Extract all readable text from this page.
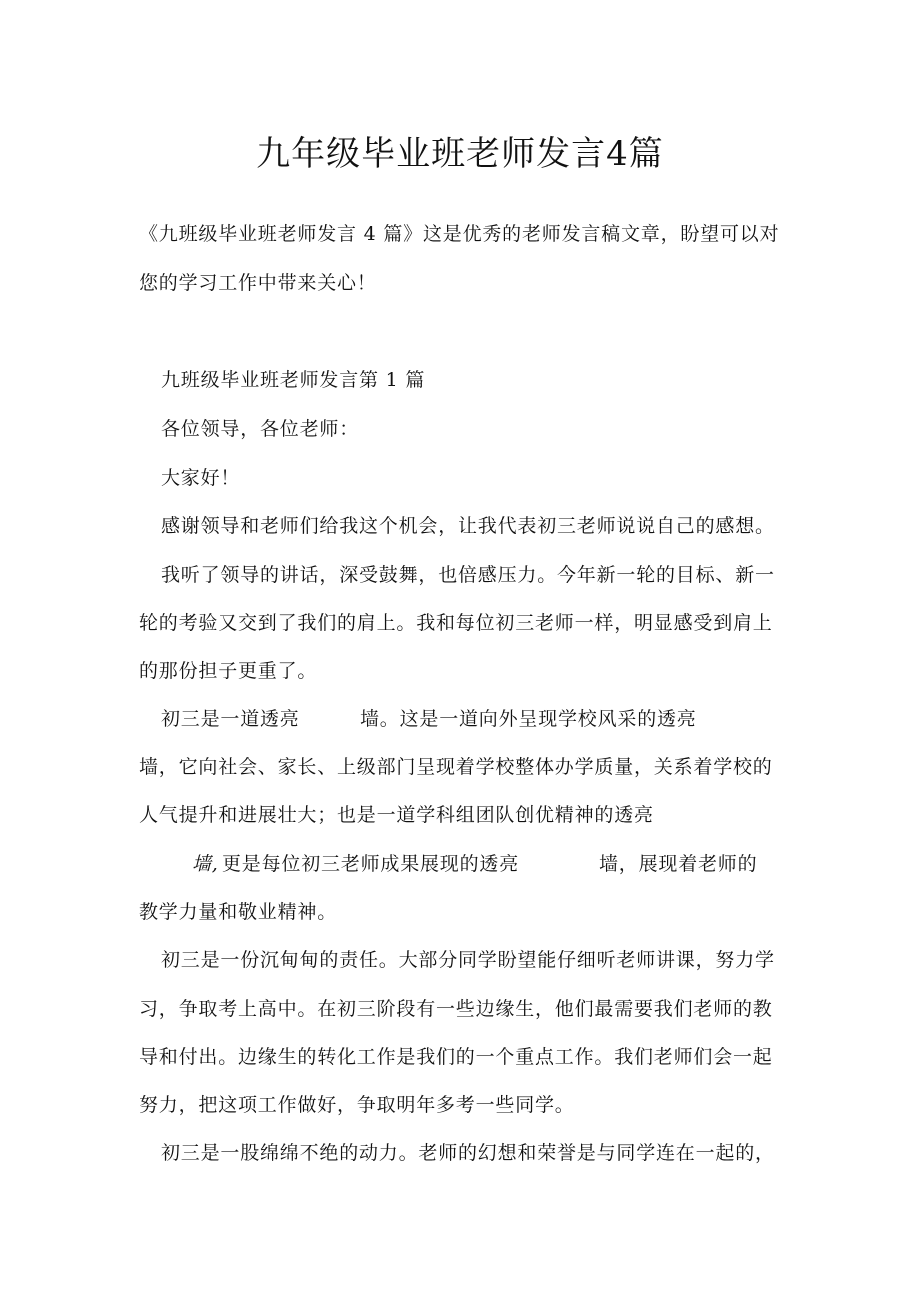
九年级毕业班老师发言4篇
《九班级毕业班老师发言 4 篇》这是优秀的老师发言稿文章，盼望可以对
您的学习工作中带来关心！
九班级毕业班老师发言第 1 篇
各位领导，各位老师：
大家好！
感谢领导和老师们给我这个机会，让我代表初三老师说说自己的感想。
我听了领导的讲话，深受鼓舞，也倍感压力。今年新一轮的目标、新一
轮的考验又交到了我们的肩上。我和每位初三老师一样，明显感受到肩上
的那份担子更重了。
初三是一道透亮	墙。这是一道向外呈现学校风采的透亮
墙，它向社会、家长、上级部门呈现着学校整体办学质量，关系着学校的
人气提升和进展壮大；也是一道学科组团队创优精神的透亮
墙, 更是每位初三老师成果展现的透亮	墙，展现着老师的
教学力量和敬业精神。
初三是一份沉甸甸的责任。大部分同学盼望能仔细听老师讲课，努力学
习，争取考上高中。在初三阶段有一些边缘生，他们最需要我们老师的教
导和付出。边缘生的转化工作是我们的一个重点工作。我们老师们会一起
努力，把这项工作做好，争取明年多考一些同学。
初三是一股绵绵不绝的动力。老师的幻想和荣誉是与同学连在一起的，
